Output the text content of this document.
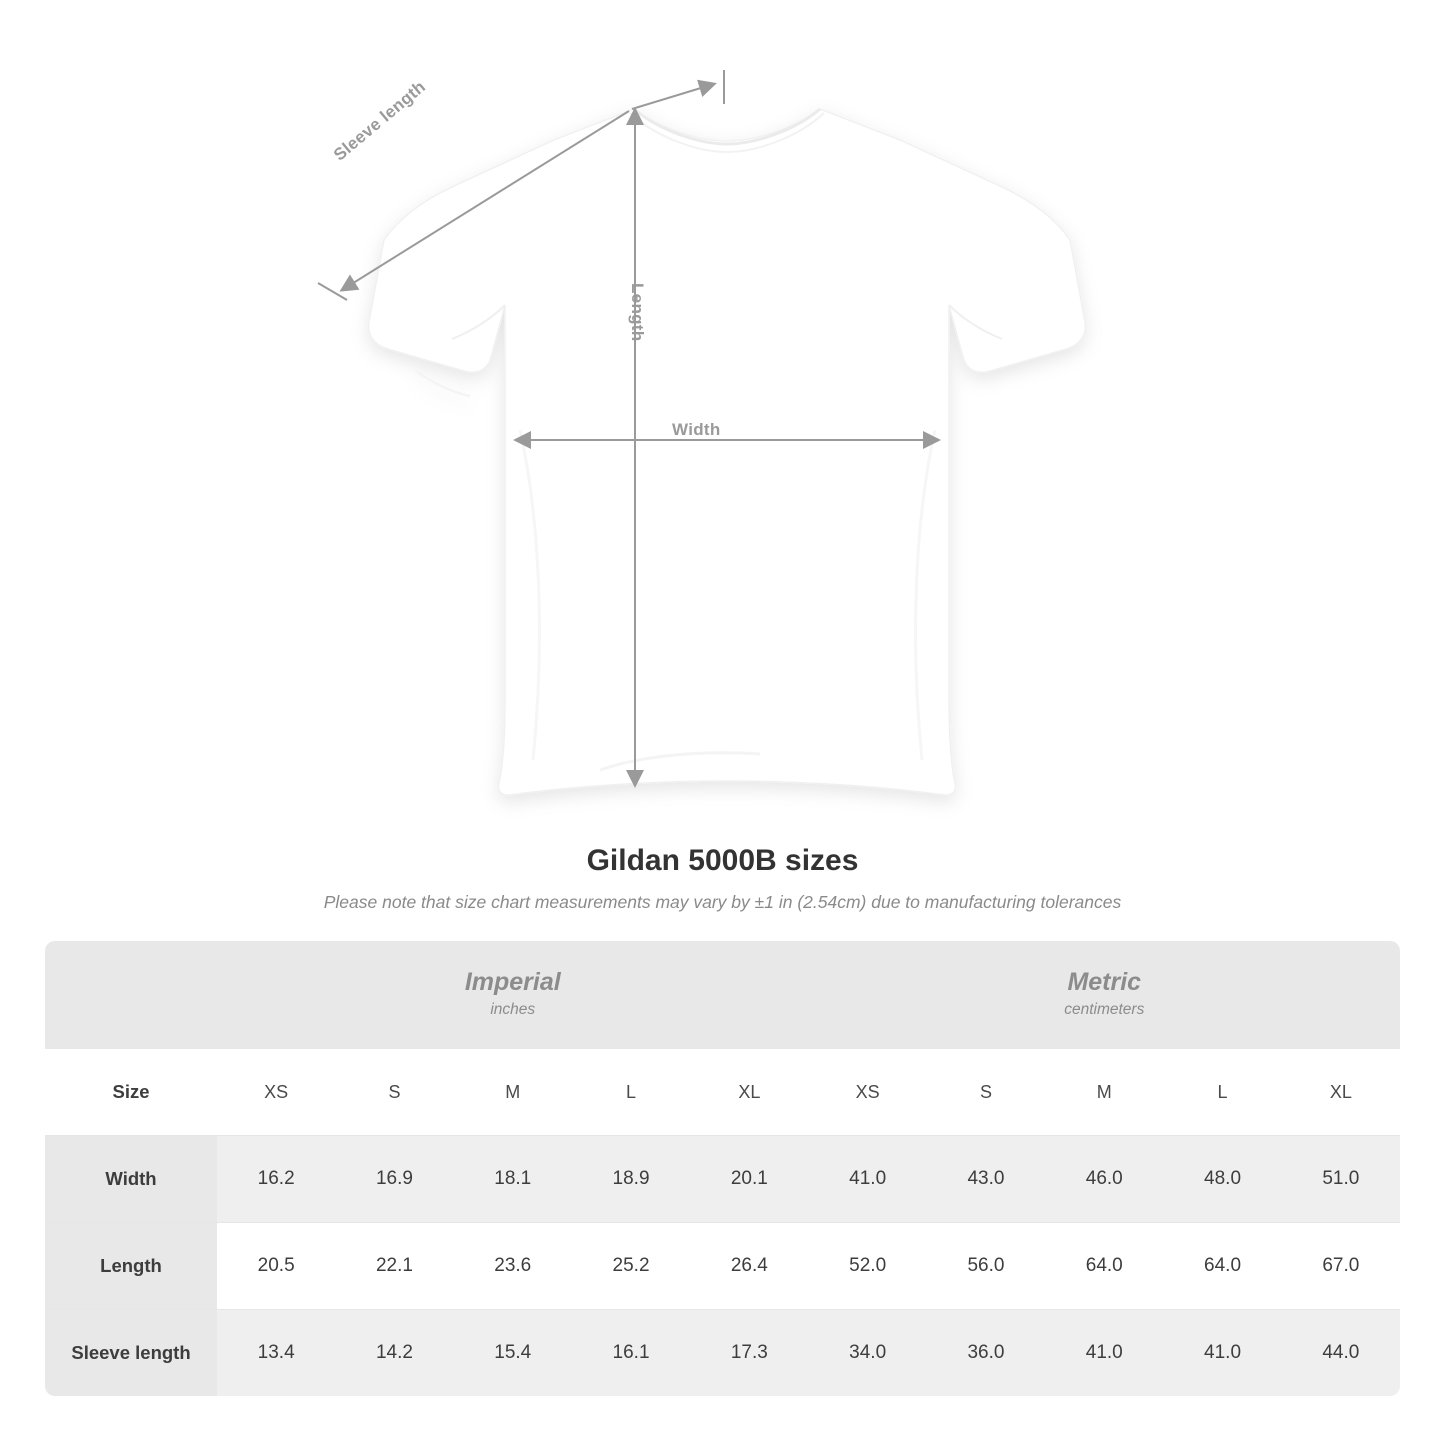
Width
Length
Sleeve length
Gildan 5000B sizes

Please note that size chart measurements may vary by ±1 in (2.54cm) due to manufacturing tolerances

Imperial
inches

Metric
centimeters

Size	XS	S	M	L	XL	XS	S	M	L	XL
Width	16.2	16.9	18.1	18.9	20.1	41.0	43.0	46.0	48.0	51.0
Length	20.5	22.1	23.6	25.2	26.4	52.0	56.0	64.0	64.0	67.0
Sleeve length	13.4	14.2	15.4	16.1	17.3	34.0	36.0	41.0	41.0	44.0
